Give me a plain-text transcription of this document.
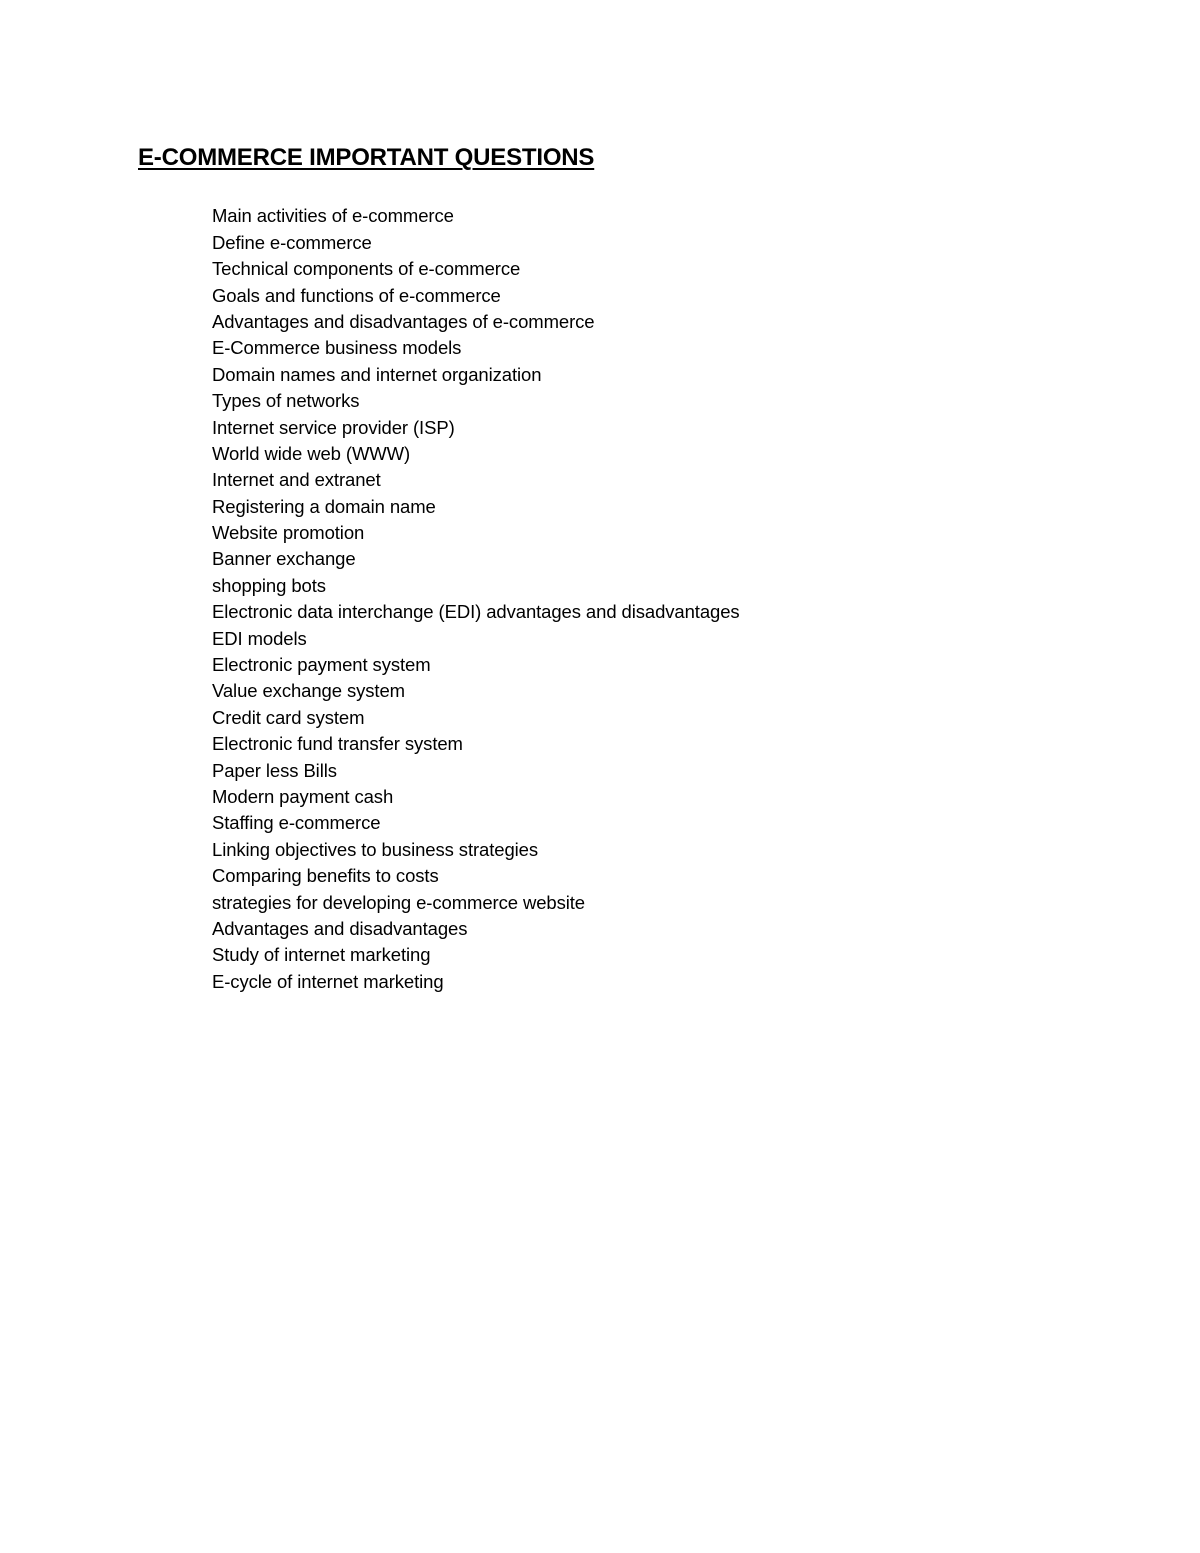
E-COMMERCE IMPORTANT QUESTIONS
Main activities of e-commerce
Define e-commerce
Technical components of e-commerce
Goals and functions of e-commerce
Advantages and disadvantages of e-commerce
E-Commerce business models
Domain names and internet organization
Types of networks
Internet service provider (ISP)
World wide web (WWW)
Internet and extranet
Registering a domain name
Website promotion
Banner exchange
shopping bots
Electronic data interchange (EDI) advantages and disadvantages
EDI models
Electronic payment system
Value exchange system
Credit card system
Electronic fund transfer system
Paper less Bills
Modern payment cash
Staffing e-commerce
Linking objectives to business strategies
Comparing benefits to costs
strategies for developing e-commerce website
Advantages and disadvantages
Study of internet marketing
E-cycle of internet marketing
